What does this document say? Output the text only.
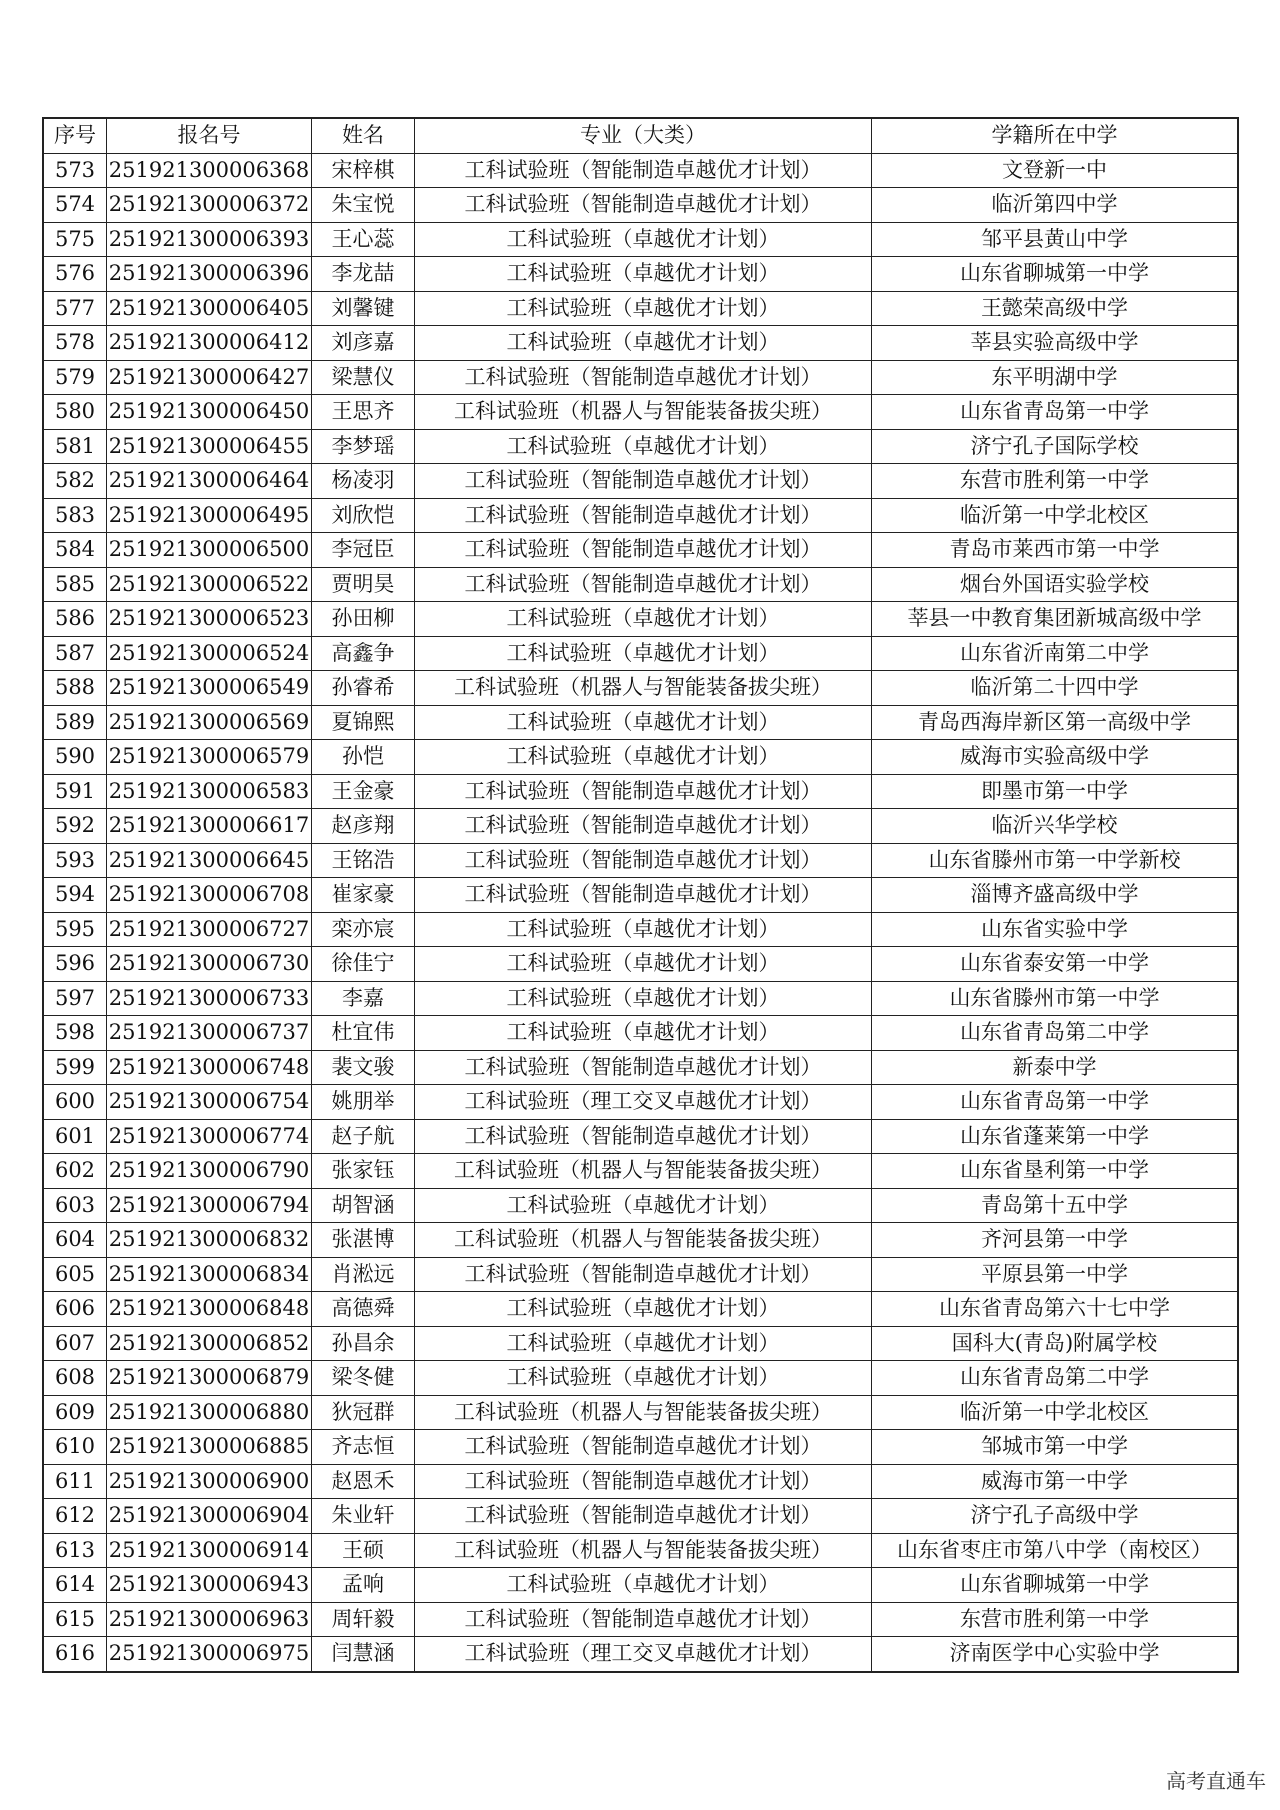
序号	报名号	姓名	专业（大类）	学籍所在中学
573	251921300006368	宋梓棋	工科试验班（智能制造卓越优才计划）	文登新一中
574	251921300006372	朱宝悦	工科试验班（智能制造卓越优才计划）	临沂第四中学
575	251921300006393	王心蕊	工科试验班（卓越优才计划）	邹平县黄山中学
576	251921300006396	李龙喆	工科试验班（卓越优才计划）	山东省聊城第一中学
577	251921300006405	刘馨键	工科试验班（卓越优才计划）	王懿荣高级中学
578	251921300006412	刘彦嘉	工科试验班（卓越优才计划）	莘县实验高级中学
579	251921300006427	梁慧仪	工科试验班（智能制造卓越优才计划）	东平明湖中学
580	251921300006450	王思齐	工科试验班（机器人与智能装备拔尖班）	山东省青岛第一中学
581	251921300006455	李梦瑶	工科试验班（卓越优才计划）	济宁孔子国际学校
582	251921300006464	杨凌羽	工科试验班（智能制造卓越优才计划）	东营市胜利第一中学
583	251921300006495	刘欣恺	工科试验班（智能制造卓越优才计划）	临沂第一中学北校区
584	251921300006500	李冠臣	工科试验班（智能制造卓越优才计划）	青岛市莱西市第一中学
585	251921300006522	贾明昊	工科试验班（智能制造卓越优才计划）	烟台外国语实验学校
586	251921300006523	孙田柳	工科试验班（卓越优才计划）	莘县一中教育集团新城高级中学
587	251921300006524	高鑫争	工科试验班（卓越优才计划）	山东省沂南第二中学
588	251921300006549	孙睿希	工科试验班（机器人与智能装备拔尖班）	临沂第二十四中学
589	251921300006569	夏锦熙	工科试验班（卓越优才计划）	青岛西海岸新区第一高级中学
590	251921300006579	孙恺	工科试验班（卓越优才计划）	威海市实验高级中学
591	251921300006583	王金豪	工科试验班（智能制造卓越优才计划）	即墨市第一中学
592	251921300006617	赵彦翔	工科试验班（智能制造卓越优才计划）	临沂兴华学校
593	251921300006645	王铭浩	工科试验班（智能制造卓越优才计划）	山东省滕州市第一中学新校
594	251921300006708	崔家豪	工科试验班（智能制造卓越优才计划）	淄博齐盛高级中学
595	251921300006727	栾亦宸	工科试验班（卓越优才计划）	山东省实验中学
596	251921300006730	徐佳宁	工科试验班（卓越优才计划）	山东省泰安第一中学
597	251921300006733	李嘉	工科试验班（卓越优才计划）	山东省滕州市第一中学
598	251921300006737	杜宜伟	工科试验班（卓越优才计划）	山东省青岛第二中学
599	251921300006748	裴文骏	工科试验班（智能制造卓越优才计划）	新泰中学
600	251921300006754	姚朋举	工科试验班（理工交叉卓越优才计划）	山东省青岛第一中学
601	251921300006774	赵子航	工科试验班（智能制造卓越优才计划）	山东省蓬莱第一中学
602	251921300006790	张家钰	工科试验班（机器人与智能装备拔尖班）	山东省垦利第一中学
603	251921300006794	胡智涵	工科试验班（卓越优才计划）	青岛第十五中学
604	251921300006832	张湛博	工科试验班（机器人与智能装备拔尖班）	齐河县第一中学
605	251921300006834	肖淞远	工科试验班（智能制造卓越优才计划）	平原县第一中学
606	251921300006848	高德舜	工科试验班（卓越优才计划）	山东省青岛第六十七中学
607	251921300006852	孙昌余	工科试验班（卓越优才计划）	国科大(青岛)附属学校
608	251921300006879	梁冬健	工科试验班（卓越优才计划）	山东省青岛第二中学
609	251921300006880	狄冠群	工科试验班（机器人与智能装备拔尖班）	临沂第一中学北校区
610	251921300006885	齐志恒	工科试验班（智能制造卓越优才计划）	邹城市第一中学
611	251921300006900	赵恩禾	工科试验班（智能制造卓越优才计划）	威海市第一中学
612	251921300006904	朱业轩	工科试验班（智能制造卓越优才计划）	济宁孔子高级中学
613	251921300006914	王硕	工科试验班（机器人与智能装备拔尖班）	山东省枣庄市第八中学（南校区）
614	251921300006943	孟响	工科试验班（卓越优才计划）	山东省聊城第一中学
615	251921300006963	周轩毅	工科试验班（智能制造卓越优才计划）	东营市胜利第一中学
616	251921300006975	闫慧涵	工科试验班（理工交叉卓越优才计划）	济南医学中心实验中学
高考直通车
